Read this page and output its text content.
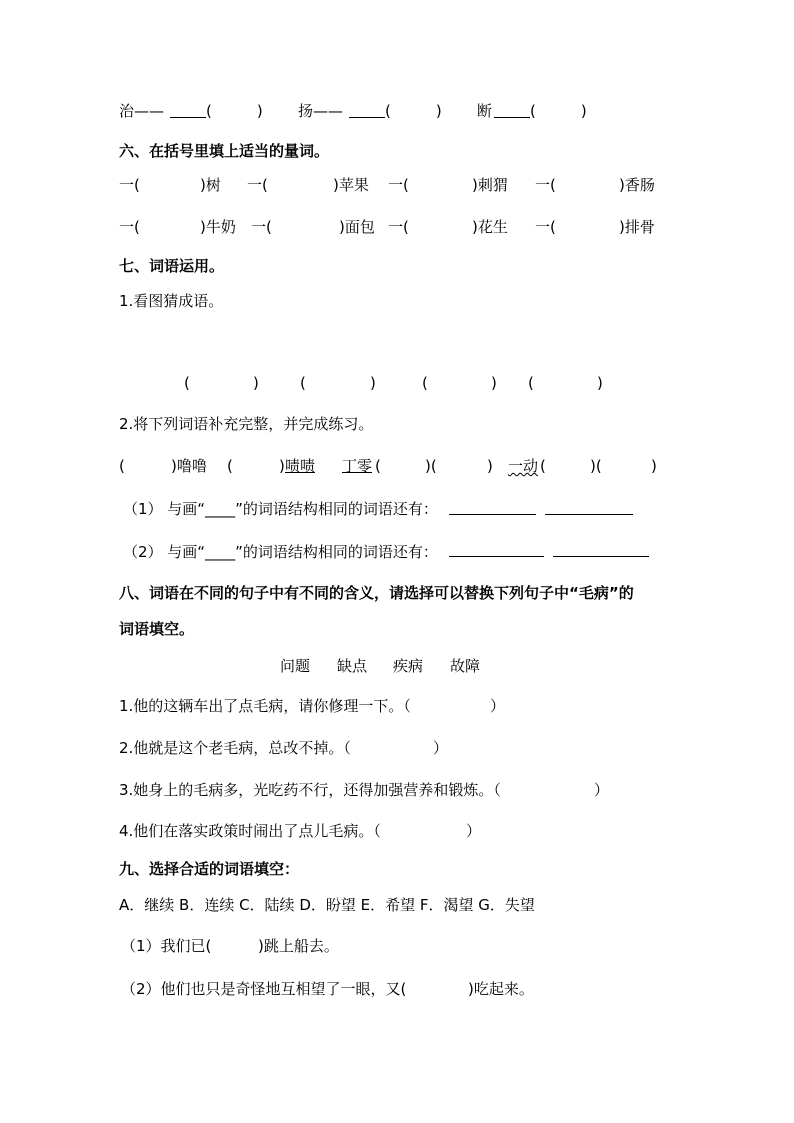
治 ——	(　　　) 扬 ——	(　　　) 断	(　　　)
六、在括号里填上适当的量词。
一(	)树 一(	)苹果 一(	)刺猬 一(	)香肠
一(	)牛奶 一(	)面包 一(	)花生 一(	)排骨
七、词语运用。
1.看图猜成语。
(	　)	(	　)	(	　) (	　)
2.将下列词语补充完整，并完成练习。
(	) 噜噜 (	) 啧啧 丁零 (	)(	) 一动 (	)(	)
（1） 与画“____”的词语结构相同的词语还有：
（2） 与画“____”的词语结构相同的词语还有：
八、词语在不同的句子中有不同的含义，请选择可以替换下列句子中“毛病”的
词语填空。
问题 缺点 疾病 故障
1.他的这辆车出了点毛病，请你修理一下。（	）
2.他就是这个老毛病，总改不掉。（	）
3.她身上的毛病多，光吃药不行，还得加强营养和锻炼。（	）
4.他们在落实政策时闹出了点儿毛病。（	）
九、选择合适的词语填空：
A．继续 B．连续 C．陆续 D．盼望 E．希望 F．渴望 G．失望
（1）我们已(	)跳上船去。
（2）他们也只是奇怪地互相望了一眼，又(	)吃起来。
